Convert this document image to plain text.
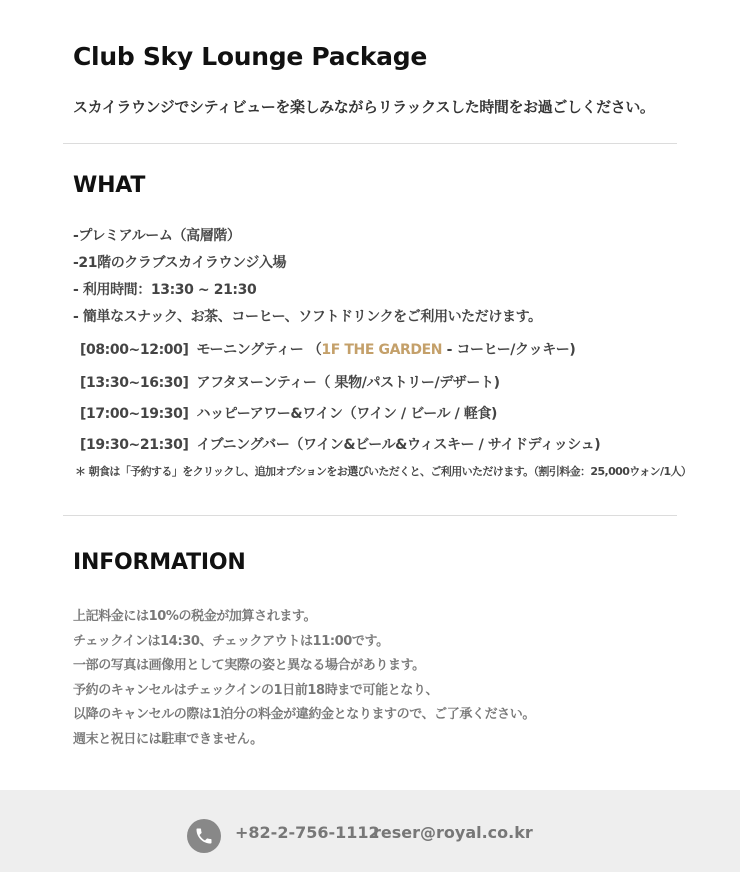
Club Sky Lounge Package
スカイラウンジでシティビューを楽しみながらリラックスした時間をお過ごしください。
WHAT
-プレミアルーム（高層階）
-21階のクラブスカイラウンジ入場
- 利用時間：13:30 ~ 21:30
- 簡単なスナック、お茶、コーヒー、ソフトドリンクをご利用いただけます。
[08:00~12:00] モーニングティー （1F THE GARDEN - コーヒー/クッキー)
[13:30~16:30] アフタヌーンティー（ 果物/パストリー/デザート)
[17:00~19:30] ハッピーアワー&ワイン（ワイン / ビール / 軽食)
[19:30~21:30] イブニングバー（ワイン&ビール&ウィスキー / サイドディッシュ)
＊ 朝食は「予約する」をクリックし、追加オプションをお選びいただくと、ご利用いただけます。（割引料金：25,000ウォン/1人）
INFORMATION
上記料金には10%の税金が加算されます。
チェックインは14:30、チェックアウトは11:00です。
一部の写真は画像用として実際の姿と異なる場合があります。
予約のキャンセルはチェックインの1日前18時まで可能となり、
以降のキャンセルの際は1泊分の料金が違約金となりますので、ご了承ください。
週末と祝日には駐車できません。
+82-2-756-1112
reser@royal.co.kr
